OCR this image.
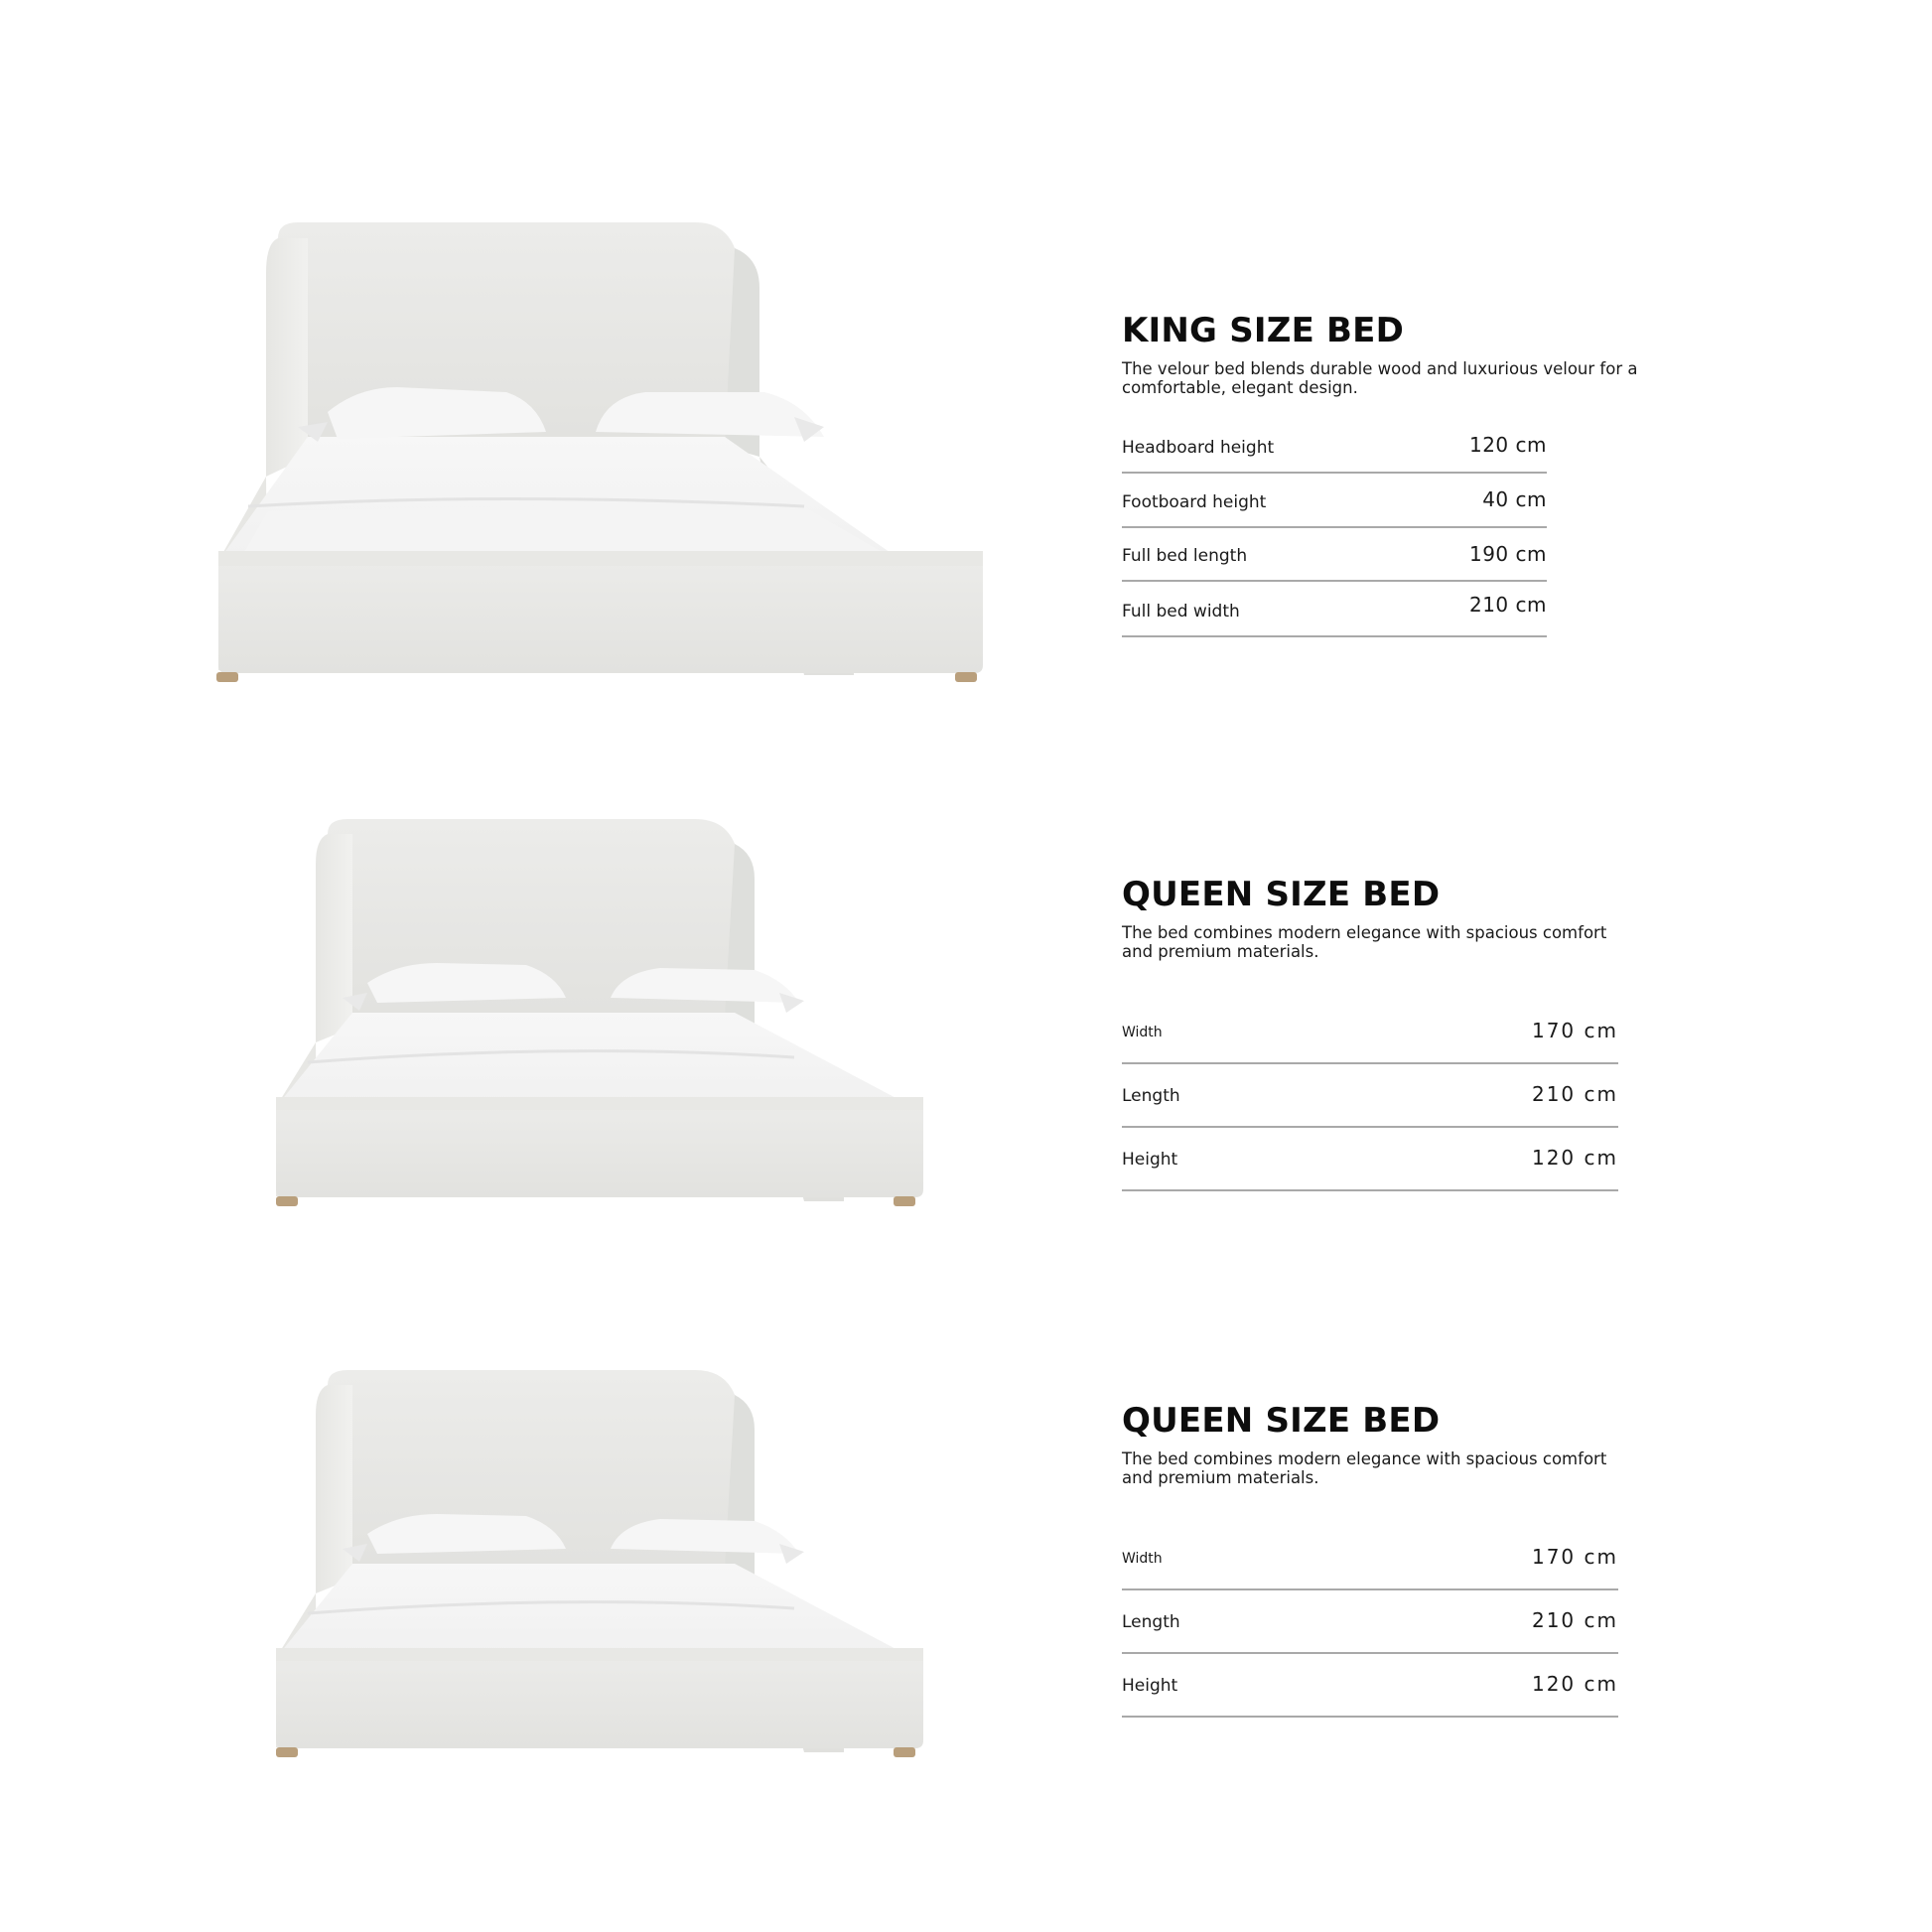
KING SIZE BED

The velour bed blends durable wood and luxurious velour for a comfortable, elegant design.

Headboard height	120 cm
Footboard height	40 cm
Full bed length	190 cm
Full bed width	210 cm
QUEEN SIZE BED

The bed combines modern elegance with spacious comfort and premium materials.

Width	170 cm
Length	210 cm
Height	120 cm
QUEEN SIZE BED

The bed combines modern elegance with spacious comfort and premium materials.

Width	170 cm
Length	210 cm
Height	120 cm
